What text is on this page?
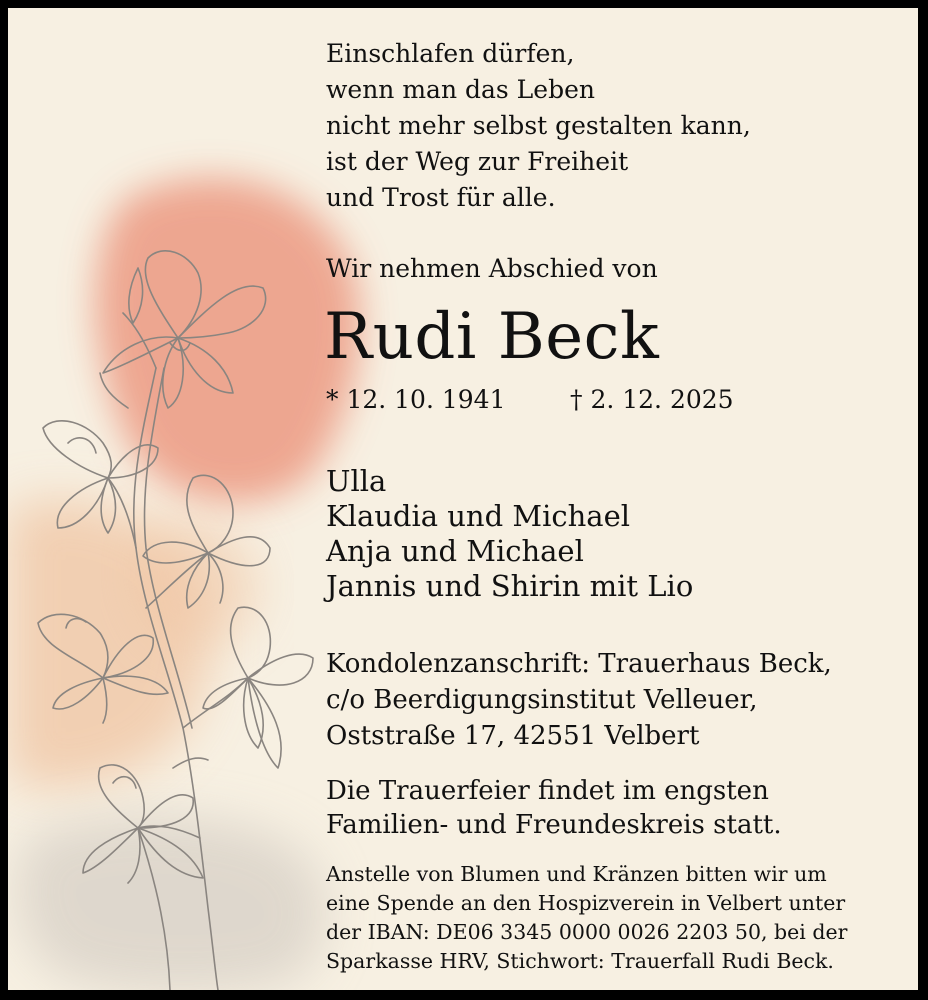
Einschlafen dürfen,
wenn man das Leben
nicht mehr selbst gestalten kann,
ist der Weg zur Freiheit
und Trost für alle.
Wir nehmen Abschied von
Rudi Beck
* 12. 10. 1941	† 2. 12. 2025
Ulla
Klaudia und Michael
Anja und Michael
Jannis und Shirin mit Lio
Kondolenzanschrift: Trauerhaus Beck,
c/o Beerdigungsinstitut Velleuer,
Oststraße 17, 42551 Velbert
Die Trauerfeier findet im engsten
Familien- und Freundeskreis statt.
Anstelle von Blumen und Kränzen bitten wir um
eine Spende an den Hospizverein in Velbert unter
der IBAN: DE06 3345 0000 0026 2203 50, bei der
Sparkasse HRV, Stichwort: Trauerfall Rudi Beck.
